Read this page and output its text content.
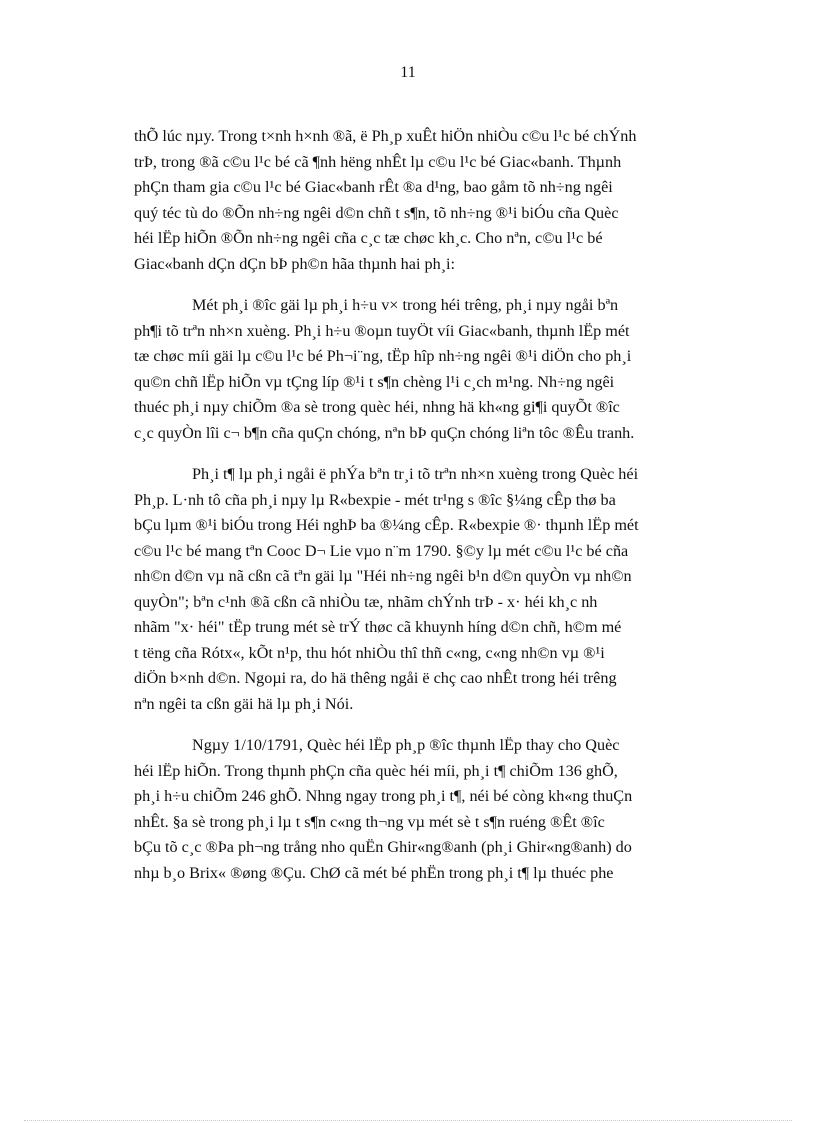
11

thÕ lúc nµy. Trong t×nh h×nh ®ã, ë Ph¸p xuÊt hiÖn nhiÒu c©u l¹c bé chÝnh
trÞ, trong ®ã c©u l¹c bé cã ¶nh hëng nhÊt lµ c©u l¹c bé Giac«banh. Thµnh
phÇn tham gia c©u l¹c bé Giac«banh rÊt ®a d¹ng, bao gåm tõ nh÷ng ngêi
quý téc tù do ®Õn nh÷ng ngêi d©n chñ t s¶n, tõ nh÷ng ®¹i biÓu cña Quèc
héi lËp hiÕn ®Õn nh÷ng ngêi cña c¸c tæ chøc kh¸c. Cho nªn, c©u l¹c bé
Giac«banh dÇn dÇn bÞ ph©n hãa thµnh hai ph¸i:

Mét ph¸i ®îc gäi lµ ph¸i h÷u v× trong héi trêng, ph¸i nµy ngåi bªn
ph¶i tõ trªn nh×n xuèng. Ph¸i h÷u ®oµn tuyÖt víi Giac«banh, thµnh lËp mét
tæ chøc míi gäi lµ c©u l¹c bé Ph¬i¨ng, tËp hîp nh÷ng ngêi ®¹i diÖn cho ph¸i
qu©n chñ lËp hiÕn vµ tÇng líp ®¹i t s¶n chèng l¹i c¸ch m¹ng. Nh÷ng ngêi
thuéc ph¸i nµy chiÕm ®a sè trong quèc héi, nhng hä kh«ng gi¶i quyÕt ®îc
c¸c quyÒn lîi c¬ b¶n cña quÇn chóng, nªn bÞ quÇn chóng liªn tôc ®Êu tranh.

Ph¸i t¶ lµ ph¸i ngåi ë phÝa bªn tr¸i tõ trªn nh×n xuèng trong Quèc héi
Ph¸p. L·nh tô cña ph¸i nµy lµ R«bexpie - mét tr¹ng s ®îc §¼ng cÊp thø ba
bÇu lµm ®¹i biÓu trong Héi nghÞ ba ®¼ng cÊp. R«bexpie ®· thµnh lËp mét
c©u l¹c bé mang tªn Cooc D¬ Lie vµo n¨m 1790. §©y lµ mét c©u l¹c bé cña
nh©n d©n vµ nã cßn cã tªn gäi lµ "Héi nh÷ng ngêi b¹n d©n quyÒn vµ nh©n
quyÒn"; bªn c¹nh ®ã cßn cã nhiÒu tæ, nhãm chÝnh trÞ - x· héi kh¸c nh
nhãm "x· héi" tËp trung mét sè trÝ thøc cã khuynh híng d©n chñ, h©m mé
t tëng cña Rótx«, kÕt n¹p, thu hót nhiÒu thî thñ c«ng, c«ng nh©n vµ ®¹i
diÖn b×nh d©n. Ngoµi ra, do hä thêng ngåi ë chç cao nhÊt trong héi trêng
nªn ngêi ta cßn gäi hä lµ ph¸i Nói.

Ngµy 1/10/1791, Quèc héi lËp ph¸p ®îc thµnh lËp thay cho Quèc
héi lËp hiÕn. Trong thµnh phÇn cña quèc héi míi, ph¸i t¶ chiÕm 136 ghÕ,
ph¸i h÷u chiÕm 246 ghÕ. Nhng ngay trong ph¸i t¶, néi bé còng kh«ng thuÇn
nhÊt. §a sè trong ph¸i lµ t s¶n c«ng th¬ng vµ mét sè t s¶n ruéng ®Êt ®îc
bÇu tõ c¸c ®Þa ph¬ng trång nho quËn Ghir«ng®anh (ph¸i Ghir«ng®anh) do
nhµ b¸o Brix« ®øng ®Çu. ChØ cã mét bé phËn trong ph¸i t¶ lµ thuéc phe
